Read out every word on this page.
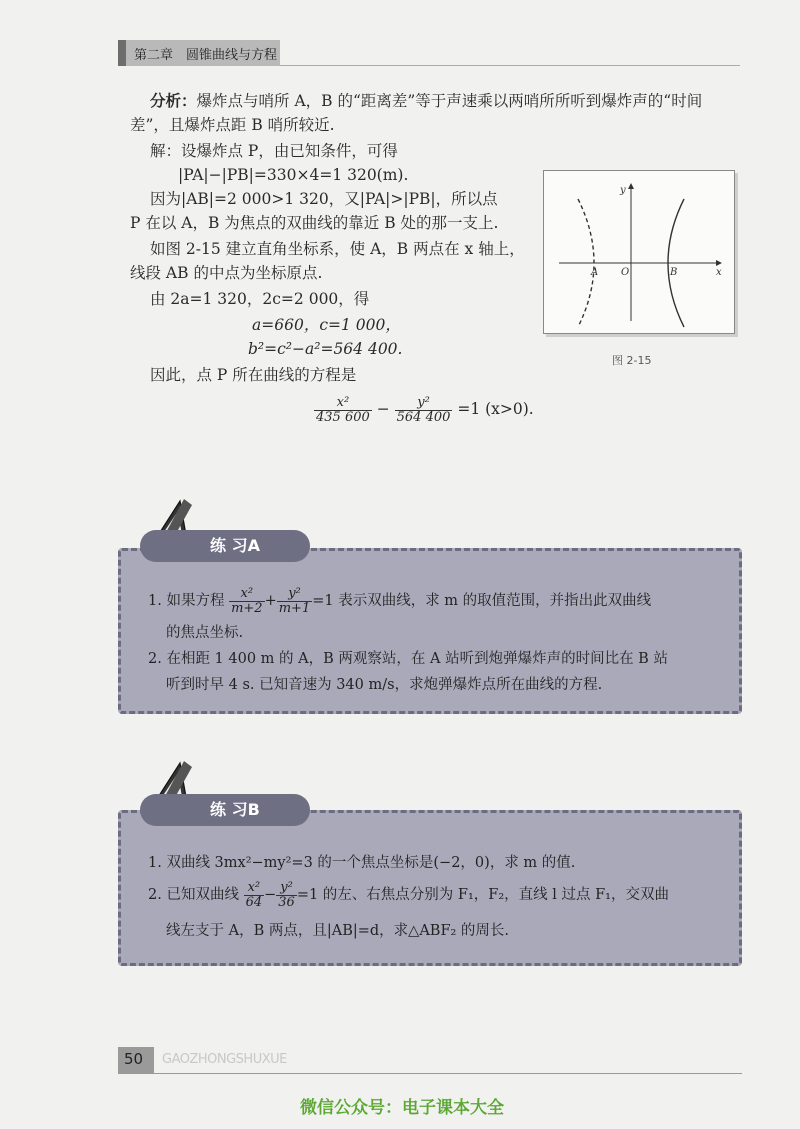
第二章　圆锥曲线与方程
分析：爆炸点与哨所 A，B 的“距离差”等于声速乘以两哨所所听到爆炸声的“时间
差”，且爆炸点距 B 哨所较近.
解：设爆炸点 P，由已知条件，可得
|PA|−|PB|=330×4=1 320(m).
因为|AB|=2 000>1 320，又|PA|>|PB|，所以点
P 在以 A，B 为焦点的双曲线的靠近 B 处的那一支上.
如图 2-15 建立直角坐标系，使 A，B 两点在 x 轴上，
线段 AB 的中点为坐标原点.
由 2a=1 320，2c=2 000，得
a=660，c=1 000，
b²=c²−a²=564 400.
因此，点 P 所在曲线的方程是
$\frac{\text{x²}}{435 600} - \frac{\text{y²}}{564 400} =1$ (x>0).
y
x
A O	B
图 2-15
练 习A
1. 如果方程 $\frac{\text{x²}}{m+2} + \frac{\text{y²}}{m+1} =1$ 表示双曲线，求 m 的取值范围，并指出此双曲线
的焦点坐标.
2. 在相距 1 400 m 的 A，B 两观察站，在 A 站听到炮弹爆炸声的时间比在 B 站
听到时早 4 s. 已知音速为 340 m/s，求炮弹爆炸点所在曲线的方程.
练 习B
1. 双曲线 3mx²−my²=3 的一个焦点坐标是(−2，0)，求 m 的值.
2. 已知双曲线 $\frac{\text{x²}}{64} - \frac{\text{y²}}{36} =1$ 的左、右焦点分别为 F₁，F₂，直线 l 过点 F₁，交双曲
线左支于 A，B 两点，且|AB|=d，求△ABF₂ 的周长.
50 GAOZHONGSHUXUE
微信公众号：电子课本大全
